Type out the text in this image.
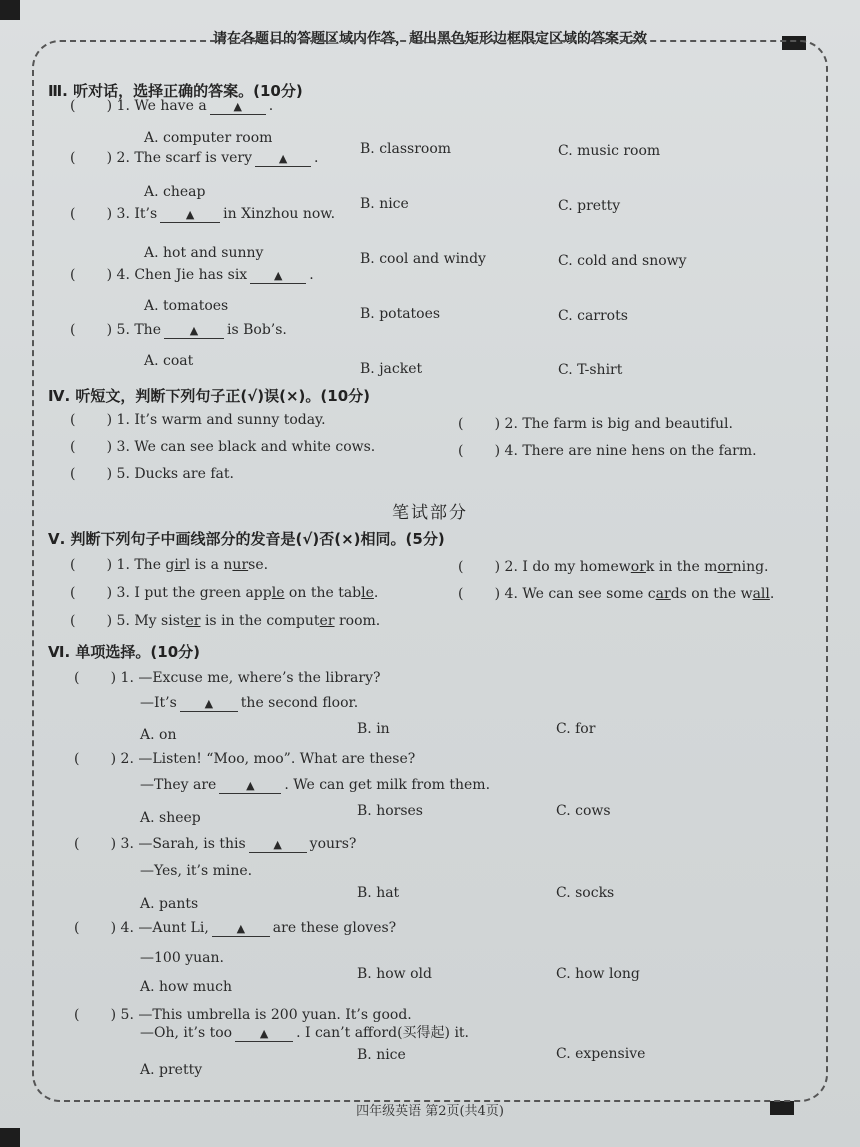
请在各题目的答题区域内作答，超出黑色矩形边框限定区域的答案无效
Ⅲ. 听对话，选择正确的答案。(10分)
(       ) 1. We have a ▲ .
A. computer room
B. classroom	C. music room
(       ) 2. The scarf is very ▲ .
A. cheap
B. nice	C. pretty
(       ) 3. It’s	▲ in Xinzhou now.
A. hot and sunny	B. cool and windy	C. cold and snowy
(       ) 4. Chen Jie has six ▲ .
A. tomatoes	B. potatoes	C. carrots
(       ) 5. The	▲ is Bob’s.
A. coat	B. jacket	C. T-shirt
Ⅳ. 听短文，判断下列句子正(√)误(×)。(10分)
(       ) 1. It’s warm and sunny today.	(       ) 2. The farm is big and beautiful.
(       ) 3. We can see black and white cows.	(       ) 4. There are nine hens on the farm.
(       ) 5. Ducks are fat.
笔试部分
Ⅴ. 判断下列句子中画线部分的发音是(√)否(×)相同。(5分)
(       ) 1. The girl is a nurse.	(       ) 2. I do my homework in the morning.
(       ) 3. I put the green apple on the table.	(       ) 4. We can see some cards on the wall.
(       ) 5. My sister is in the computer room.
Ⅵ. 单项选择。(10分)
(       ) 1. —Excuse me, where’s the library?
—It’s	▲ the second floor.
A. on	B. in	C. for
(       ) 2. —Listen! “Moo, moo”. What are these?
—They are	▲ . We can get milk from them.
A. sheep	B. horses	C. cows
(       ) 3. —Sarah, is this	▲ yours?
—Yes, it’s mine.
A. pants
B. hat	C. socks
(       ) 4. —Aunt Li,	▲ are these gloves?
—100 yuan.
A. how much
B. how old	C. how long
(       ) 5. —This umbrella is 200 yuan. It’s good.
—Oh, it’s too	▲ . I can’t afford(买得起) it.
A. pretty
B. nice	C. expensive
四年级英语 第2页(共4页)
